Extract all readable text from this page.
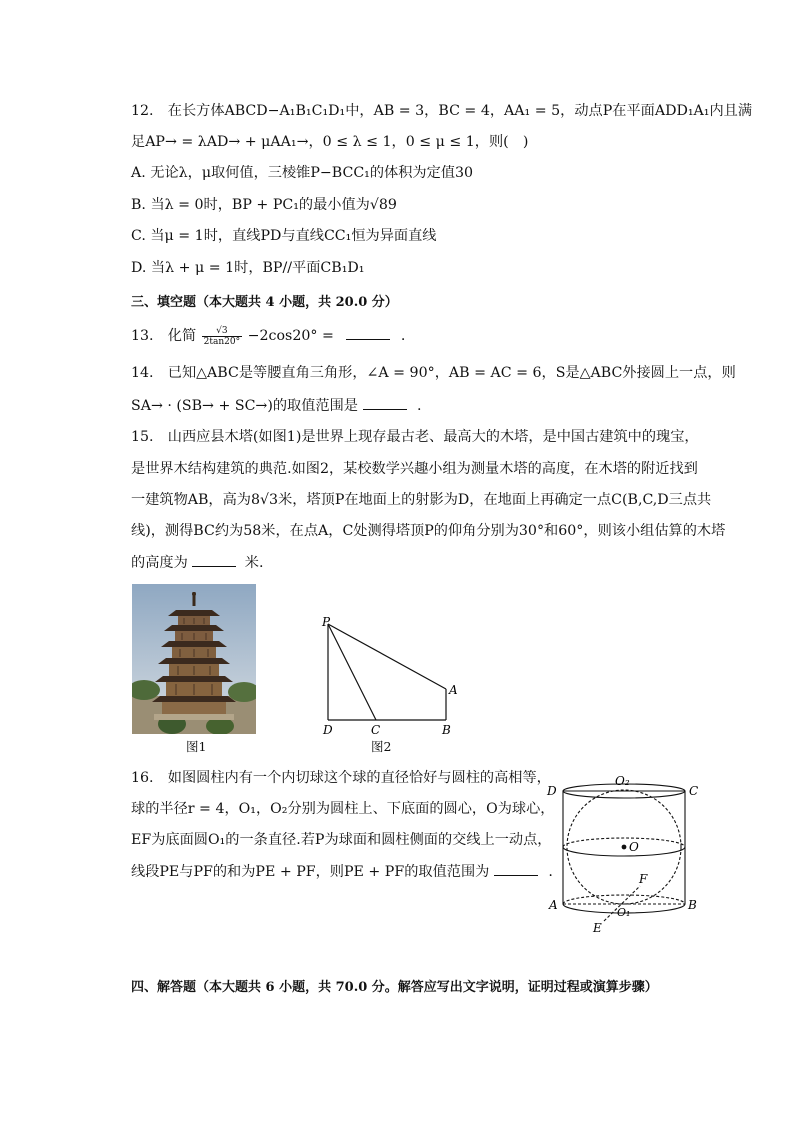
12.　在长方体ABCD−A₁B₁C₁D₁中，AB = 3，BC = 4，AA₁ = 5，动点P在平面ADD₁A₁内且满
足AP→ = λAD→ + μAA₁→，0 ≤ λ ≤ 1，0 ≤ μ ≤ 1，则(　)
A. 无论λ，μ取何值，三棱锥P−BCC₁的体积为定值30
B. 当λ = 0时，BP + PC₁的最小值为√89
C. 当μ = 1时，直线PD与直线CC₁恒为异面直线
D. 当λ + μ = 1时，BP//平面CB₁D₁
三、填空题（本大题共 4 小题，共 20.0 分）
13.　化简 $\frac{√3}{2\tan 20^\circ} -2\cos 20^\circ$ =	.
14.　已知△ABC是等腰直角三角形，∠A = 90°，AB = AC = 6，S是△ABC外接圆上一点，则
SA→ · (SB→ + SC→)的取值范围是	.
15.　山西应县木塔(如图1)是世界上现存最古老、最高大的木塔，是中国古建筑中的瑰宝，
是世界木结构建筑的典范.如图2，某校数学兴趣小组为测量木塔的高度，在木塔的附近找到
一建筑物AB，高为8√3米，塔顶P在地面上的射影为D，在地面上再确定一点C(B,C,D三点共
线)，测得BC约为58米，在点A，C处测得塔顶P的仰角分别为30°和60°，则该小组估算的木塔
的高度为	米.
图1
P
A
B
C
D
图2
16.　如图圆柱内有一个内切球这个球的直径恰好与圆柱的高相等，
球的半径r = 4，O₁，O₂分别为圆柱上、下底面的圆心，O为球心，
EF为底面圆O₁的一条直径.若P为球面和圆柱侧面的交线上一动点，
线段PE与PF的和为PE + PF，则PE + PF的取值范围为	.
O₂
D	C
O
A	B
O₁
F
E
四、解答题（本大题共 6 小题，共 70.0 分。解答应写出文字说明，证明过程或演算步骤）
